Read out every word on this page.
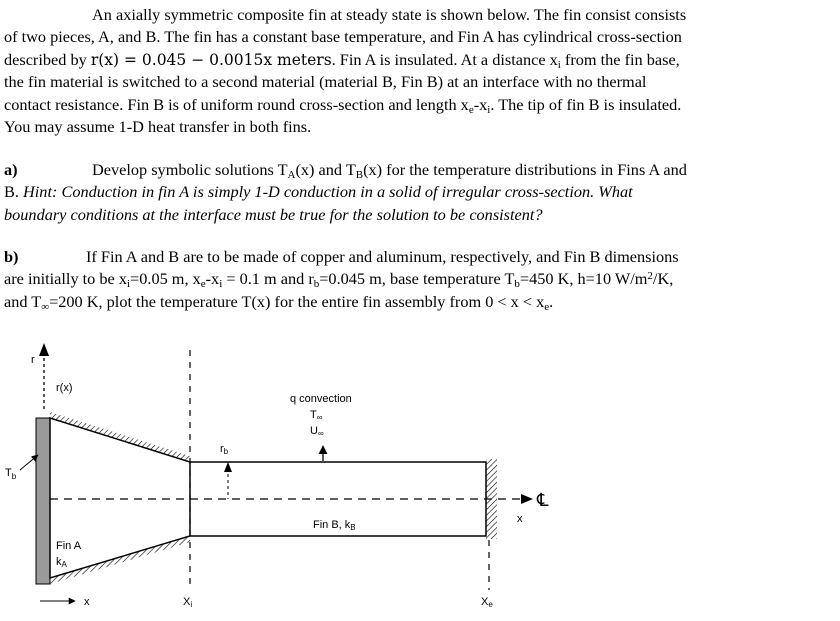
An axially symmetric composite fin at steady state is shown below. The fin consist consists
of two pieces, A, and B. The fin has a constant base temperature, and Fin A has cylindrical cross-section
described by r(x) = 0.045 − 0.0015x meters. Fin A is insulated. At a distance $x_i$ from the fin base,
the fin material is switched to a second material (material B, Fin B) at an interface with no thermal
contact resistance. Fin B is of uniform round cross-section and length $x_e-x_i$. The tip of fin B is insulated.
You may assume 1-D heat transfer in both fins.

a)	Develop symbolic solutions $T_A(x)$ and $T_B(x)$ for the temperature distributions in Fins A and
B. Hint: Conduction in fin A is simply 1-D conduction in a solid of irregular cross-section. What
boundary conditions at the interface must be true for the solution to be consistent?

b)	If Fin A and B are to be made of copper and aluminum, respectively, and Fin B dimensions
are initially to be $x_i=0.05$ m, $x_e-x_i = 0.1$ m and $r_b=0.045$ m, base temperature $T_b=450$ K, h=10 $W/m^2/K$,
and $T_\infty=200$ K, plot the temperature T(x) for the entire fin assembly from $0 < x < x_e$.

r
r(x)
℄
x
$T_b$
rb
q convection
T∞
U∞
Fin B, kB
Fin A
kA
x	Xi	Xe
